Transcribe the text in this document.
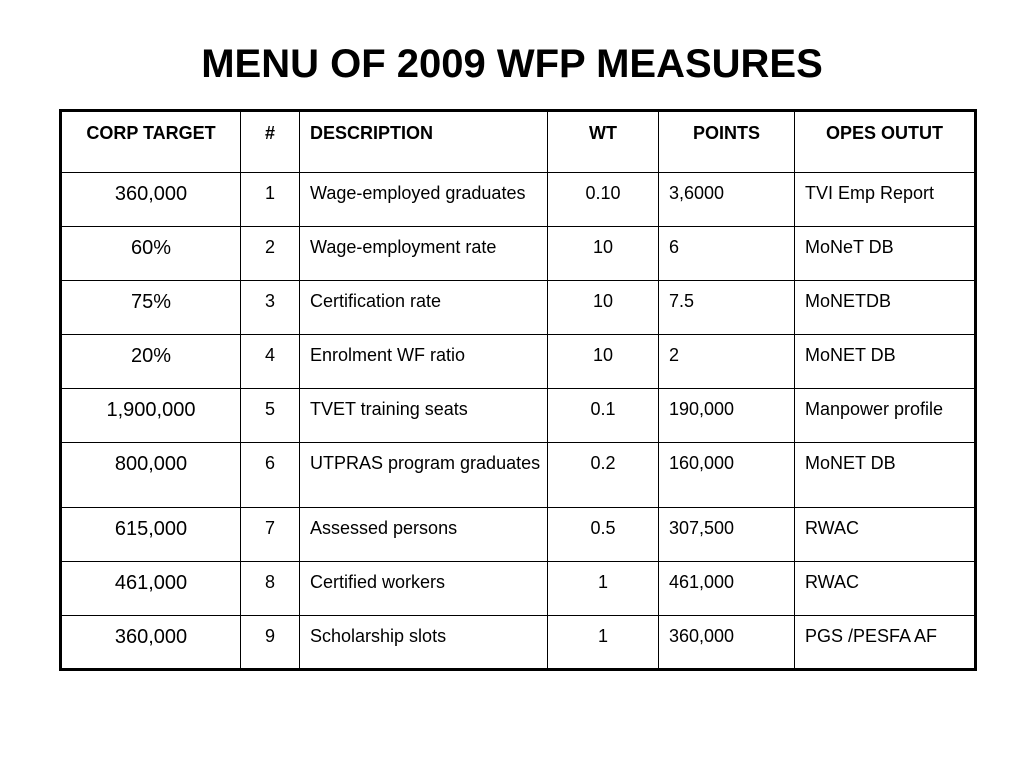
MENU OF 2009 WFP MEASURES
CORP TARGET	#	DESCRIPTION	WT	POINTS	OPES OUTUT
360,000	1	Wage-employed graduates	0.10	3,6000	TVI Emp Report
60%	2	Wage-employment rate	10	6	MoNeT DB
75%	3	Certification rate	10	7.5	MoNETDB
20%	4	Enrolment WF ratio	10	2	MoNET DB
1,900,000	5	TVET training seats	0.1	190,000	Manpower profile
800,000	6	UTPRAS program graduates	0.2	160,000	MoNET DB
615,000	7	Assessed persons	0.5	307,500	RWAC
461,000	8	Certified workers	1	461,000	RWAC
360,000	9	Scholarship slots	1	360,000	PGS /PESFA AF
